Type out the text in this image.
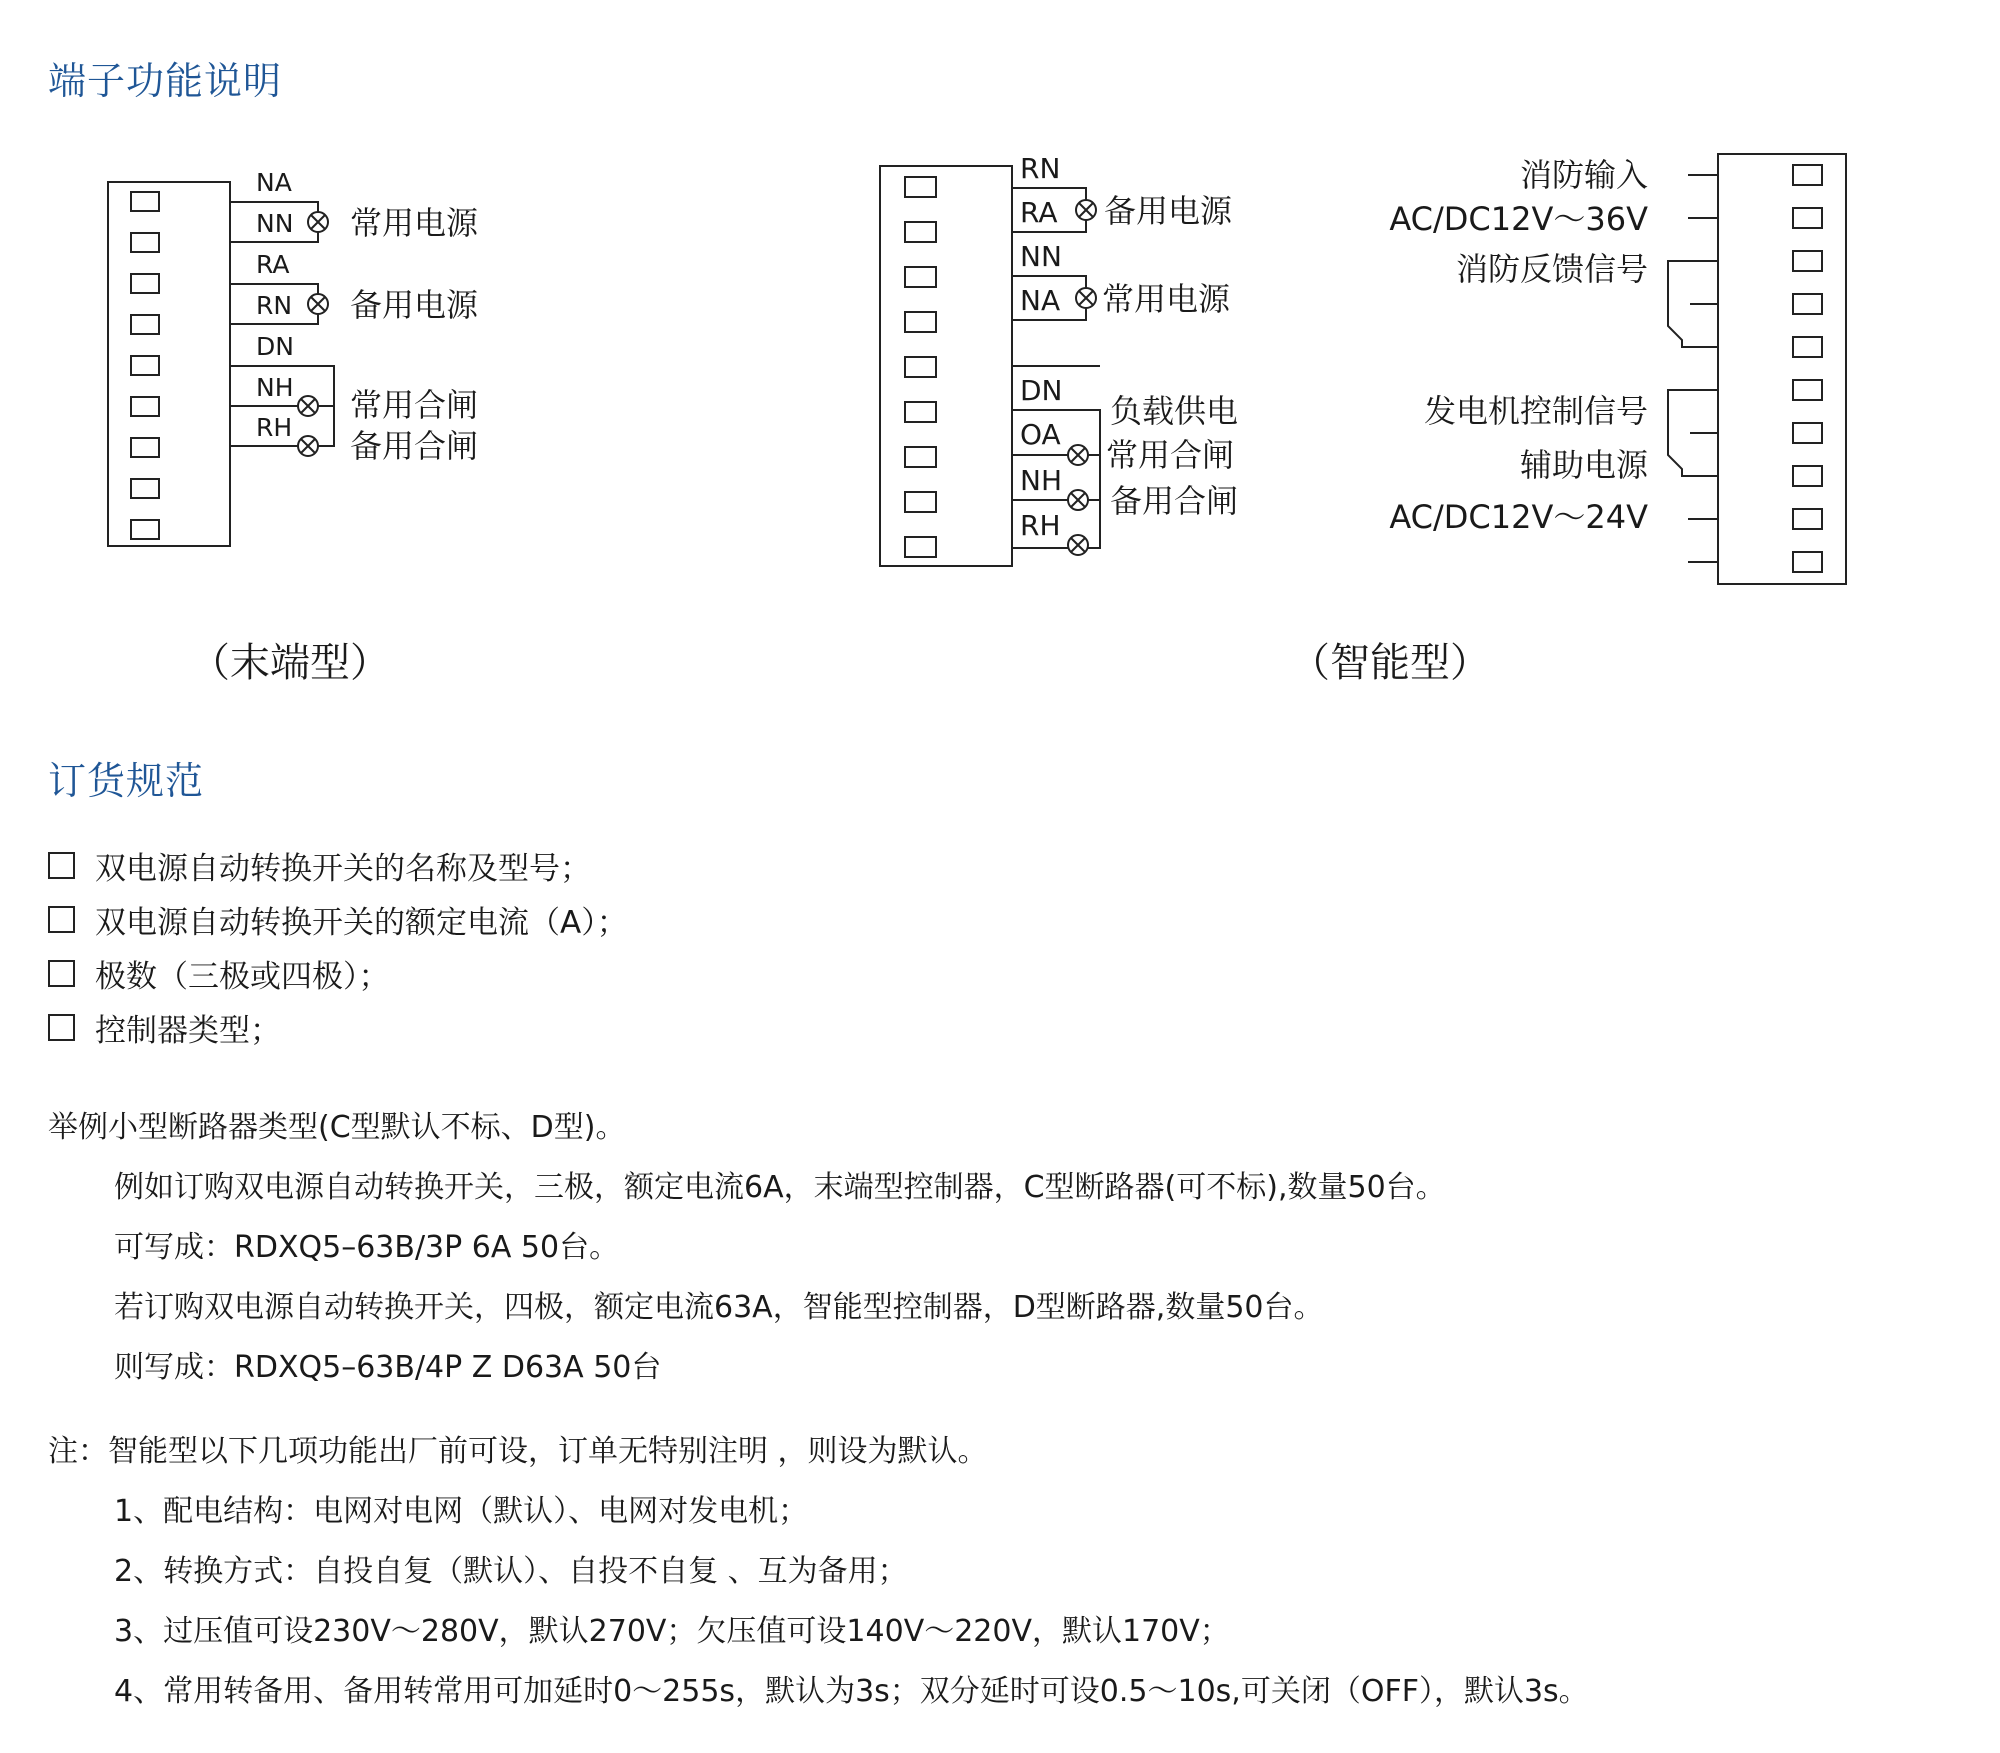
端子功能说明
NA
NN
RA
RN
DN
NH
RH
常用电源
备用电源
常用合闸
备用合闸
（末端型）
RN
RA
NN
NA
DN
OA
NH
RH
备用电源
常用电源
负载供电
常用合闸
备用合闸
（智能型）
消防输入
AC/DC12V～36V
消防反馈信号
发电机控制信号
辅助电源
AC/DC12V～24V
订货规范
双电源自动转换开关的名称及型号；
双电源自动转换开关的额定电流（A）；
极数（三极或四极）；
控制器类型；
举例小型断路器类型(C型默认不标、D型)。
例如订购双电源自动转换开关，三极，额定电流6A，末端型控制器，C型断路器(可不标),数量50台。
可写成：RDXQ5–63B/3P 6A 50台。
若订购双电源自动转换开关，四极，额定电流63A，智能型控制器，D型断路器,数量50台。
则写成：RDXQ5–63B/4P Z D63A 50台
注：智能型以下几项功能出厂前可设，订单无特别注明 ，则设为默认。
1、配电结构：电网对电网（默认）、电网对发电机；
2、转换方式：自投自复（默认）、自投不自复 、互为备用；
3、过压值可设230V～280V，默认270V；欠压值可设140V～220V，默认170V；
4、常用转备用、备用转常用可加延时0～255s，默认为3s；双分延时可设0.5～10s,可关闭（OFF），默认3s。
